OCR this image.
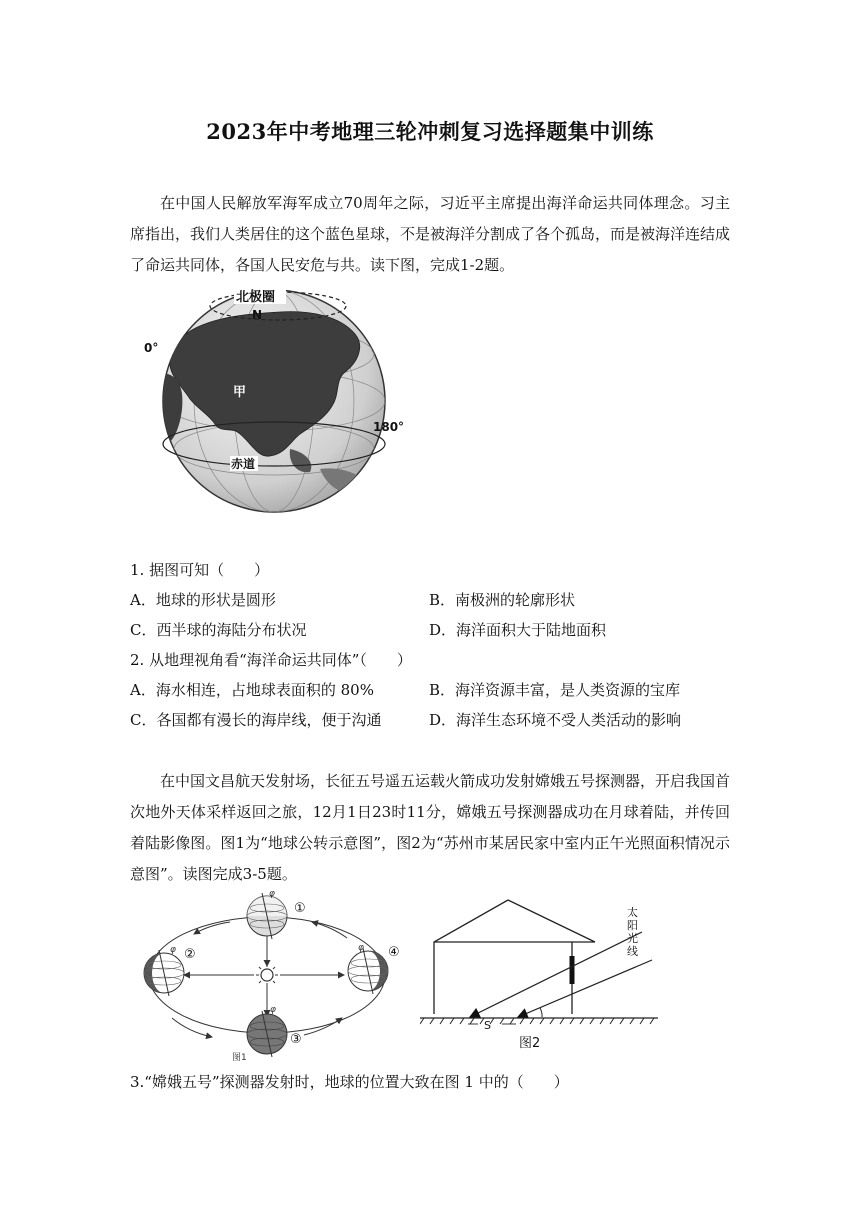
2023年中考地理三轮冲刺复习选择题集中训练

在中国人民解放军海军成立70周年之际，习近平主席提出海洋命运共同体理念。习主席指出，我们人类居住的这个蓝色星球，不是被海洋分割成了各个孤岛，而是被海洋连结成了命运共同体，各国人民安危与共。读下图，完成1-2题。

北极圈
N
0°
甲
180°
赤道
1. 据图可知（　　）
A．地球的形状是圆形	B．南极洲的轮廓形状
C．西半球的海陆分布状况	D．海洋面积大于陆地面积
2. 从地理视角看“海洋命运共同体”（　　）
A．海水相连，占地球表面积的 80%	B．海洋资源丰富，是人类资源的宝库
C．各国都有漫长的海岸线，便于沟通	D．海洋生态环境不受人类活动的影响

在中国文昌航天发射场，长征五号遥五运载火箭成功发射嫦娥五号探测器，开启我国首次地外天体采样返回之旅，12月1日23时11分，嫦娥五号探测器成功在月球着陆，并传回着陆影像图。图1为“地球公转示意图”，图2为“苏州市某居民家中室内正午光照面积情况示意图”。读图完成3-5题。

φ
①
φ ②
φ
③
φ ④
图1
太
阳
光
线
S
图2
3.“嫦娥五号”探测器发射时，地球的位置大致在图 1 中的（　　）
